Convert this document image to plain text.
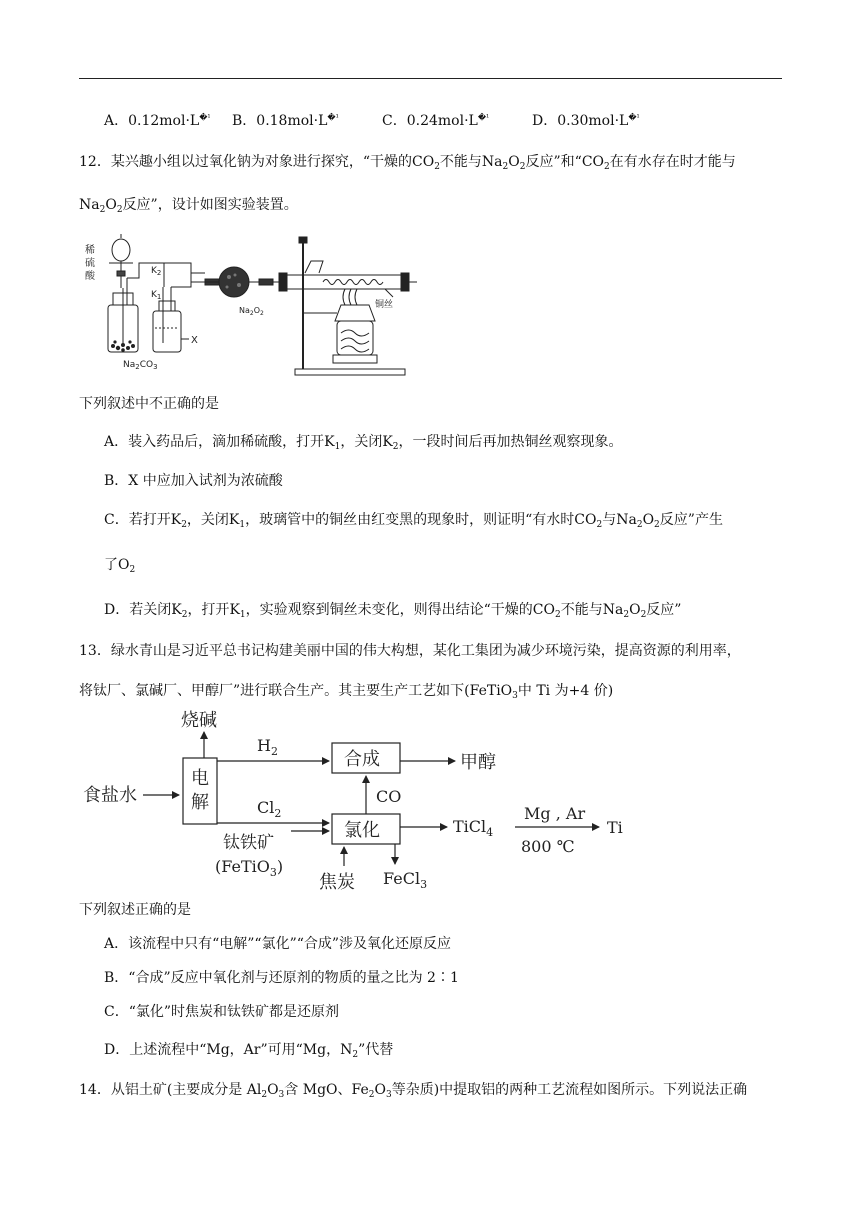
A．$0.12mol\cdot L^{�^1}$ B．$0.18mol\cdot L^{�^1}$	C．$0.24mol\cdot L^{�^1}$	D．$0.30mol\cdot L^{�^1}$
12．某兴趣小组以过氧化钠为对象进行探究，“干燥的$CO_2$不能与$Na_2O_2$反应”和“$CO_2$在有水存在时才能与
$Na_2O_2$反应”，设计如图实验装置。
稀
硫
酸
$Na_2CO_3$
$K_2$
$K_1$
X
$Na_2O_2$
铜丝
下列叙述中不正确的是
A．装入药品后，滴加稀硫酸，打开$K_1$，关闭$K_2$，一段时间后再加热铜丝观察现象。
B．X 中应加入试剂为浓硫酸
C．若打开$K_2$，关闭$K_1$，玻璃管中的铜丝由红变黑的现象时，则证明“有水时$CO_2$与$Na_2O_2$反应”产生
了$O_2$
D．若关闭$K_2$，打开$K_1$，实验观察到铜丝未变化，则得出结论“干燥的$CO_2$不能与$Na_2O_2$反应”
13．绿水青山是习近平总书记构建美丽中国的伟大构想，某化工集团为减少环境污染，提高资源的利用率，
将钛厂、氯碱厂、甲醇厂”进行联合生产。其主要生产工艺如下(FeTiO$_3$中 Ti 为+4 价)
食盐水
电
解
烧碱
$H_2$	合成	甲醇
$Cl_2$
钛铁矿
(FeTiO$_3$)
氯化
CO
焦炭 FeCl$_3$
TiCl$_4$
Mg , Ar
800 ℃
Ti
下列叙述正确的是
A．该流程中只有“电解”“氯化”“合成”涉及氧化还原反应
B．“合成”反应中氧化剂与还原剂的物质的量之比为 2∶1
C．“氯化”时焦炭和钛铁矿都是还原剂
D．上述流程中“Mg，Ar”可用“Mg，$N_2$”代替
14．从铝土矿(主要成分是 $Al_2O_3$含 MgO、$Fe_2O_3$等杂质)中提取铝的两种工艺流程如图所示。下列说法正确
